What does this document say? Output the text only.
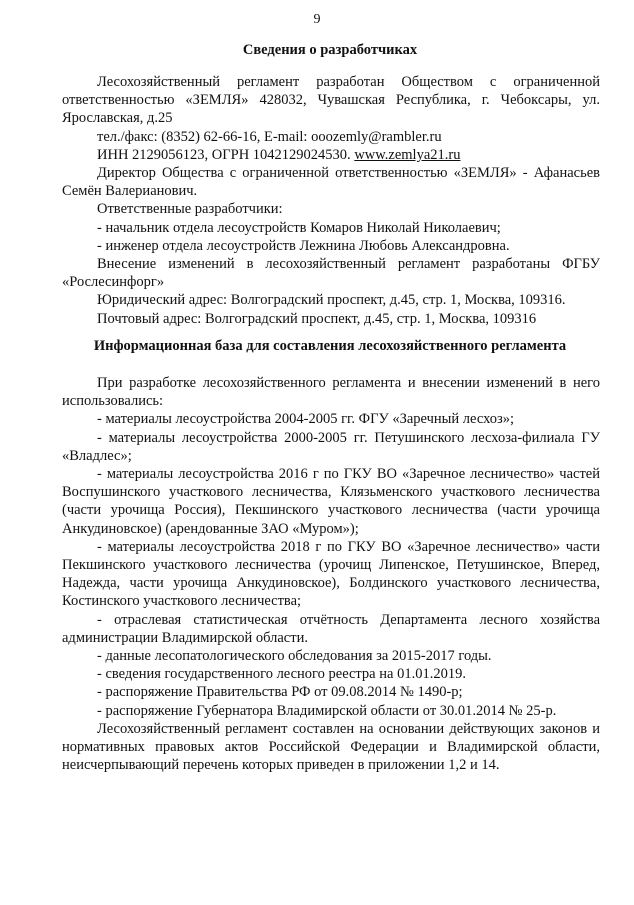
9
Сведения о разработчиках

Лесохозяйственный регламент разработан Обществом с ограниченной ответственностью «ЗЕМЛЯ» 428032, Чувашская Республика, г. Чебоксары, ул. Ярославская, д.25

тел./факс: (8352) 62-66-16, E-mail: ooozemly@rambler.ru

ИНН 2129056123, ОГРН 1042129024530. www.zemlya21.ru

Директор Общества с ограниченной ответственностью «ЗЕМЛЯ» - Афанасьев Семён Валерианович.

Ответственные разработчики:

- начальник отдела лесоустройств Комаров Николай Николаевич;

- инженер отдела лесоустройств Лежнина Любовь Александровна.

Внесение изменений в лесохозяйственный регламент разработаны ФГБУ «Рослесинфорг»

Юридический адрес: Волгоградский проспект, д.45, стр. 1, Москва, 109316.

Почтовый адрес: Волгоградский проспект, д.45, стр. 1, Москва, 109316

Информационная база для составления лесохозяйственного регламента

При разработке лесохозяйственного регламента и внесении изменений в него использовались:

- материалы лесоустройства 2004-2005 гг. ФГУ «Заречный лесхоз»;

- материалы лесоустройства 2000-2005 гг. Петушинского лесхоза-филиала ГУ «Владлес»;

- материалы лесоустройства 2016 г по ГКУ ВО «Заречное лесничество» частей Воспушинского участкового лесничества, Клязьменского участкового лесничества (части урочища Россия), Пекшинского участкового лесничества (части урочища Анкудиновское) (арендованные ЗАО «Муром»);

- материалы лесоустройства 2018 г по ГКУ ВО «Заречное лесничество» части Пекшинского участкового лесничества (урочищ Липенское, Петушинское, Вперед, Надежда, части урочища Анкудиновское), Болдинского участкового лесничества, Костинского участкового лесничества;

- отраслевая статистическая отчётность Департамента лесного хозяйства администрации Владимирской области.

- данные лесопатологического обследования за 2015-2017 годы.

- сведения государственного лесного реестра на 01.01.2019.

- распоряжение Правительства РФ от 09.08.2014 № 1490-р;

- распоряжение Губернатора Владимирской области от 30.01.2014 № 25-р.

Лесохозяйственный регламент составлен на основании действующих законов и нормативных правовых актов Российской Федерации и Владимирской области, неисчерпывающий перечень которых приведен в приложении 1,2 и 14.
